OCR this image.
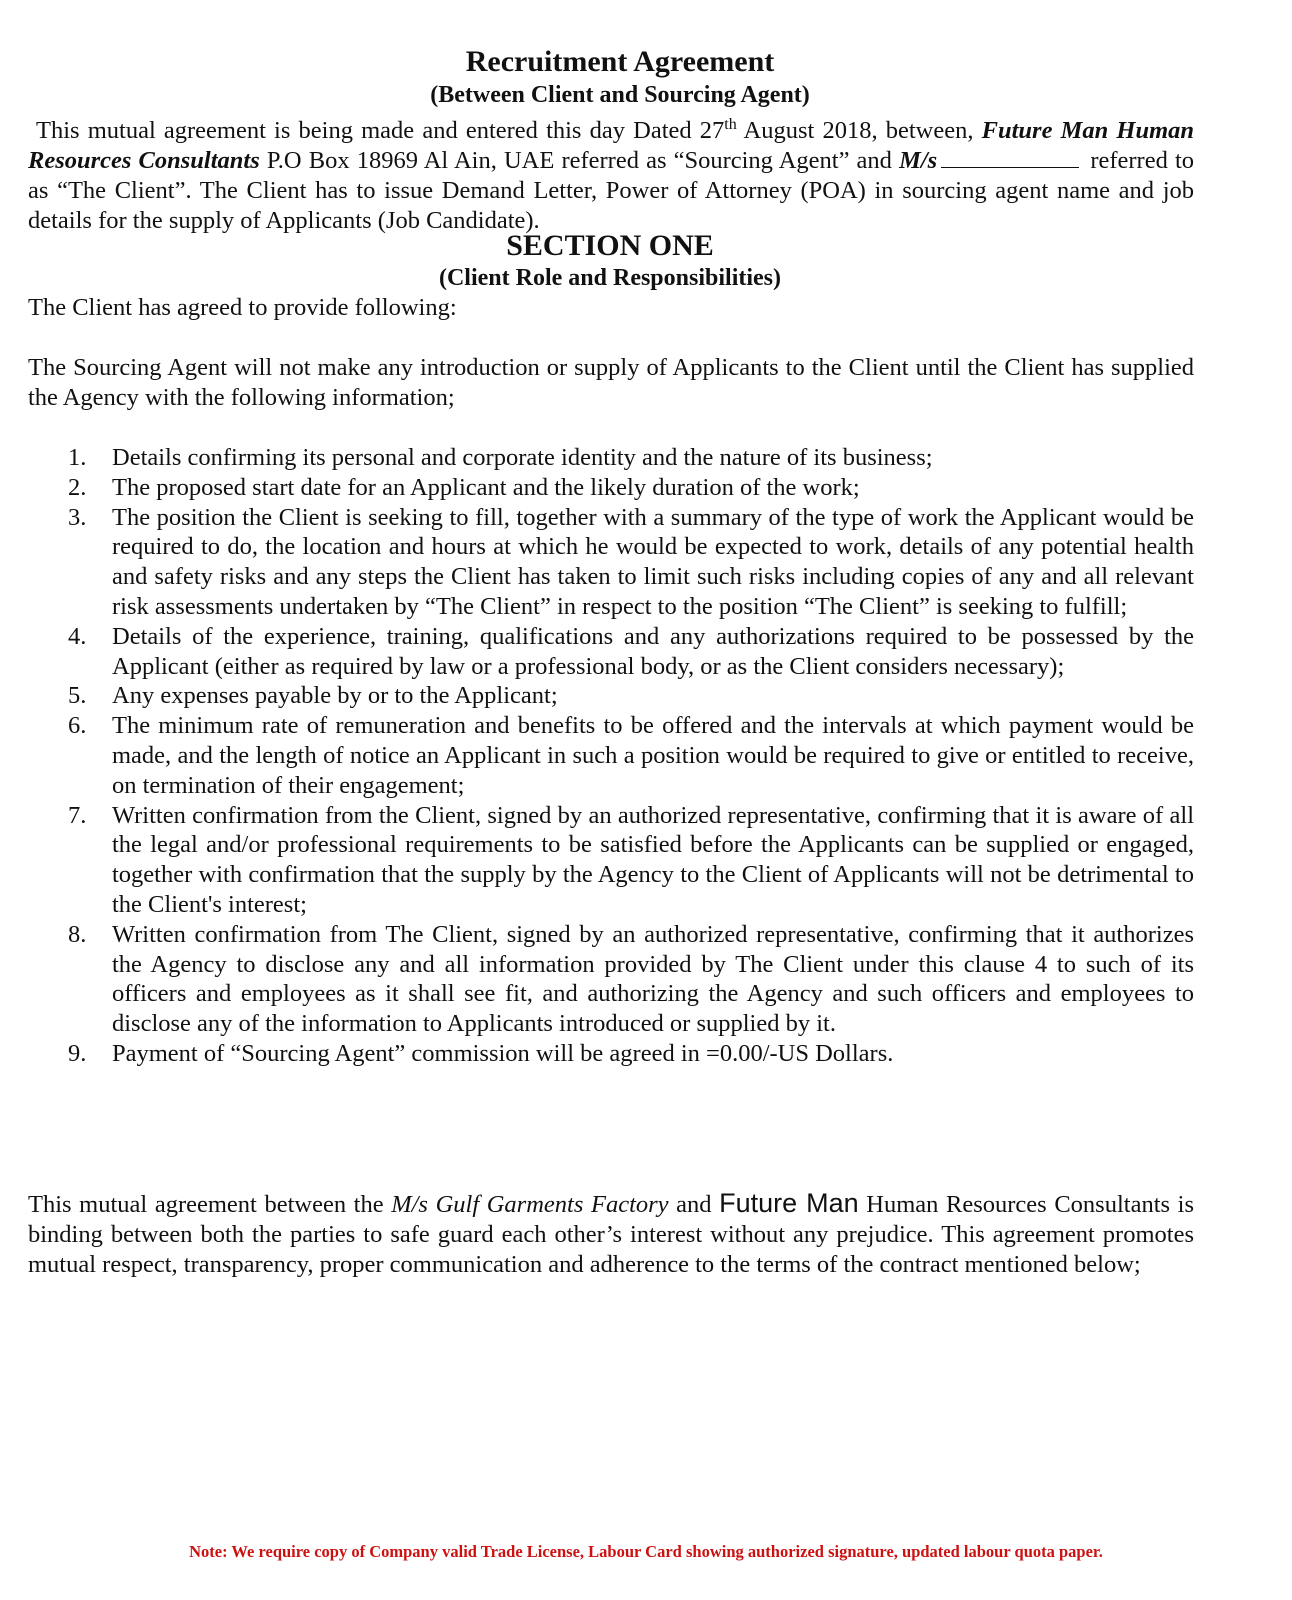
Recruitment Agreement
(Between Client and Sourcing Agent)
This mutual agreement is being made and entered this day Dated 27th August 2018, between, Future Man Human Resources Consultants P.O Box 18969 Al Ain, UAE referred as “Sourcing Agent” and M/s	referred to as “The Client”. The Client has to issue Demand Letter, Power of Attorney (POA) in sourcing agent name and job details for the supply of Applicants (Job Candidate).
SECTION ONE
(Client Role and Responsibilities)
The Client has agreed to provide following:
The Sourcing Agent will not make any introduction or supply of Applicants to the Client until the Client has supplied the Agency with the following information;
1. Details confirming its personal and corporate identity and the nature of its business;
2. The proposed start date for an Applicant and the likely duration of the work;
3. The position the Client is seeking to fill, together with a summary of the type of work the Applicant would be required to do, the location and hours at which he would be expected to work, details of any potential health and safety risks and any steps the Client has taken to limit such risks including copies of any and all relevant risk assessments undertaken by “The Client” in respect to the position “The Client” is seeking to fulfill;
4. Details of the experience, training, qualifications and any authorizations required to be possessed by the Applicant (either as required by law or a professional body, or as the Client considers necessary);
5. Any expenses payable by or to the Applicant;
6. The minimum rate of remuneration and benefits to be offered and the intervals at which payment would be made, and the length of notice an Applicant in such a position would be required to give or entitled to receive, on termination of their engagement;
7. Written confirmation from the Client, signed by an authorized representative, confirming that it is aware of all the legal and/or professional requirements to be satisfied before the Applicants can be supplied or engaged, together with confirmation that the supply by the Agency to the Client of Applicants will not be detrimental to the Client's interest;
8. Written confirmation from The Client, signed by an authorized representative, confirming that it authorizes the Agency to disclose any and all information provided by The Client under this clause 4 to such of its officers and employees as it shall see fit, and authorizing the Agency and such officers and employees to disclose any of the information to Applicants introduced or supplied by it.
9. Payment of “Sourcing Agent” commission will be agreed in =0.00/-US Dollars.
This mutual agreement between the M/s Gulf Garments Factory and Future Man Human Resources Consultants is binding between both the parties to safe guard each other’s interest without any prejudice. This agreement promotes mutual respect, transparency, proper communication and adherence to the terms of the contract mentioned below;
Note: We require copy of Company valid Trade License, Labour Card showing authorized signature, updated labour quota paper.
